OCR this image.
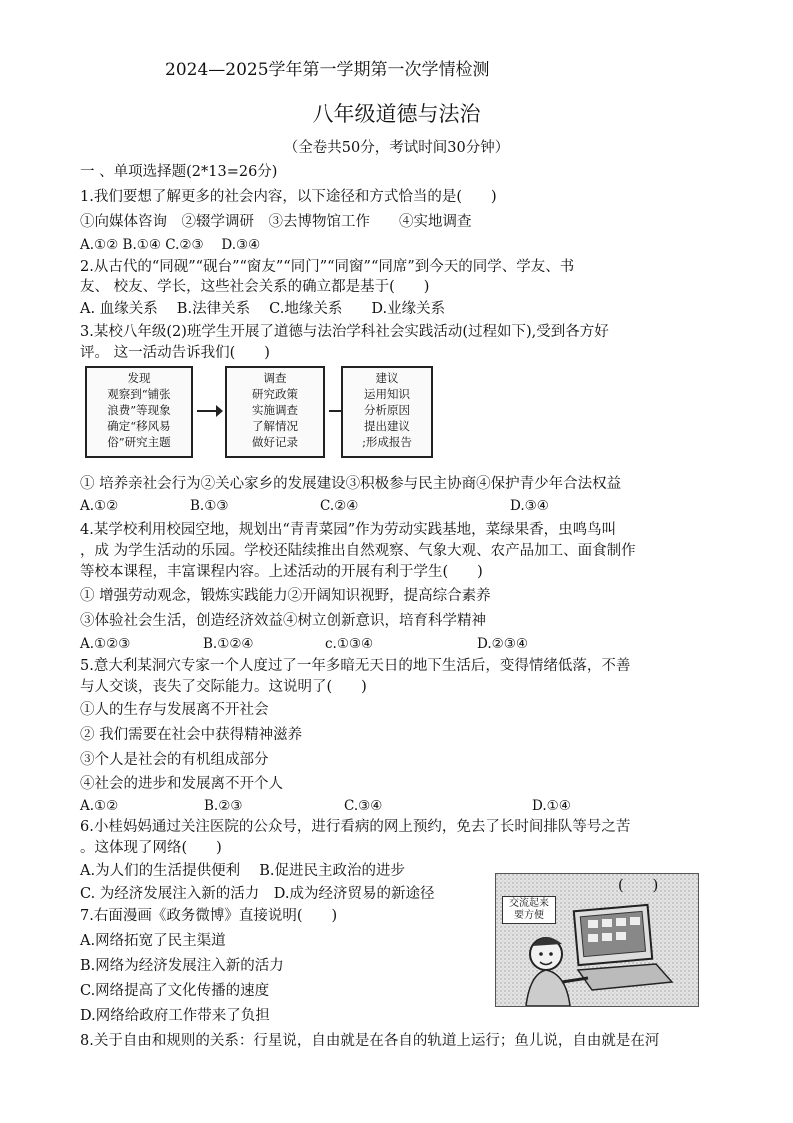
2024—2025学年第一学期第一次学情检测
八年级道德与法治
（全卷共50分，考试时间30分钟）
一 、单项选择题(2*13=26分)
1.我们要想了解更多的社会内容，以下途径和方式恰当的是(　　)
①向媒体咨询　②辍学调研　③去博物馆工作　　④实地调查
A.①② B.①④ C.②③　 D.③④
2.从古代的“同砚”“砚台”“窗友”“同门”“同窗”“同席”到今天的同学、学友、书
友、 校友、学长，这些社会关系的确立都是基于(　　)
A. 血缘关系　 B.法律关系　 C.地缘关系　　D.业缘关系
3.某校八年级(2)班学生开展了道德与法治学科社会实践活动(过程如下),受到各方好
评。 这一活动告诉我们(　　)
发现
观察到“铺张
浪费”等现象
确定“移风易
俗”研究主题
调查
研究政策
实施调查
了解情况
做好记录
建议
运用知识
分析原因
提出建议
;形成报告
① 培养亲社会行为②关心家乡的发展建设③积极参与民主协商④保护青少年合法权益
A.①②	B.①③	C.②④	D.③④
4.某学校利用校园空地，规划出“青青菜园”作为劳动实践基地，菜绿果香，虫鸣鸟叫
，成 为学生活动的乐园。学校还陆续推出自然观察、气象大观、农产品加工、面食制作
等校本课程，丰富课程内容。上述活动的开展有利于学生(　　)
① 增强劳动观念，锻炼实践能力②开阔知识视野，提高综合素养
③体验社会生活，创造经济效益④树立创新意识，培育科学精神
A.①②③	B.①②④	c.①③④	D.②③④
5.意大利某洞穴专家一个人度过了一年多暗无天日的地下生活后，变得情绪低落，不善
与人交谈，丧失了交际能力。这说明了(　　)
①人的生存与发展离不开社会
② 我们需要在社会中获得精神滋养
③个人是社会的有机组成部分
④社会的进步和发展离不开个人
A.①②	B.②③	C.③④	D.①④
6.小桂妈妈通过关注医院的公众号，进行看病的网上预约，免去了长时间排队等号之苦
。这体现了网络(　　)
A.为人们的生活提供便利　 B.促进民主政治的进步
C. 为经济发展注入新的活力　D.成为经济贸易的新途径
7.右面漫画《政务微博》直接说明(　　)
A.网络拓宽了民主渠道
B.网络为经济发展注入新的活力
C.网络提高了文化传播的速度
D.网络给政府工作带来了负担
交流起来 要方便
(　　)
8.关于自由和规则的关系：行星说，自由就是在各自的轨道上运行；鱼儿说，自由就是在河
